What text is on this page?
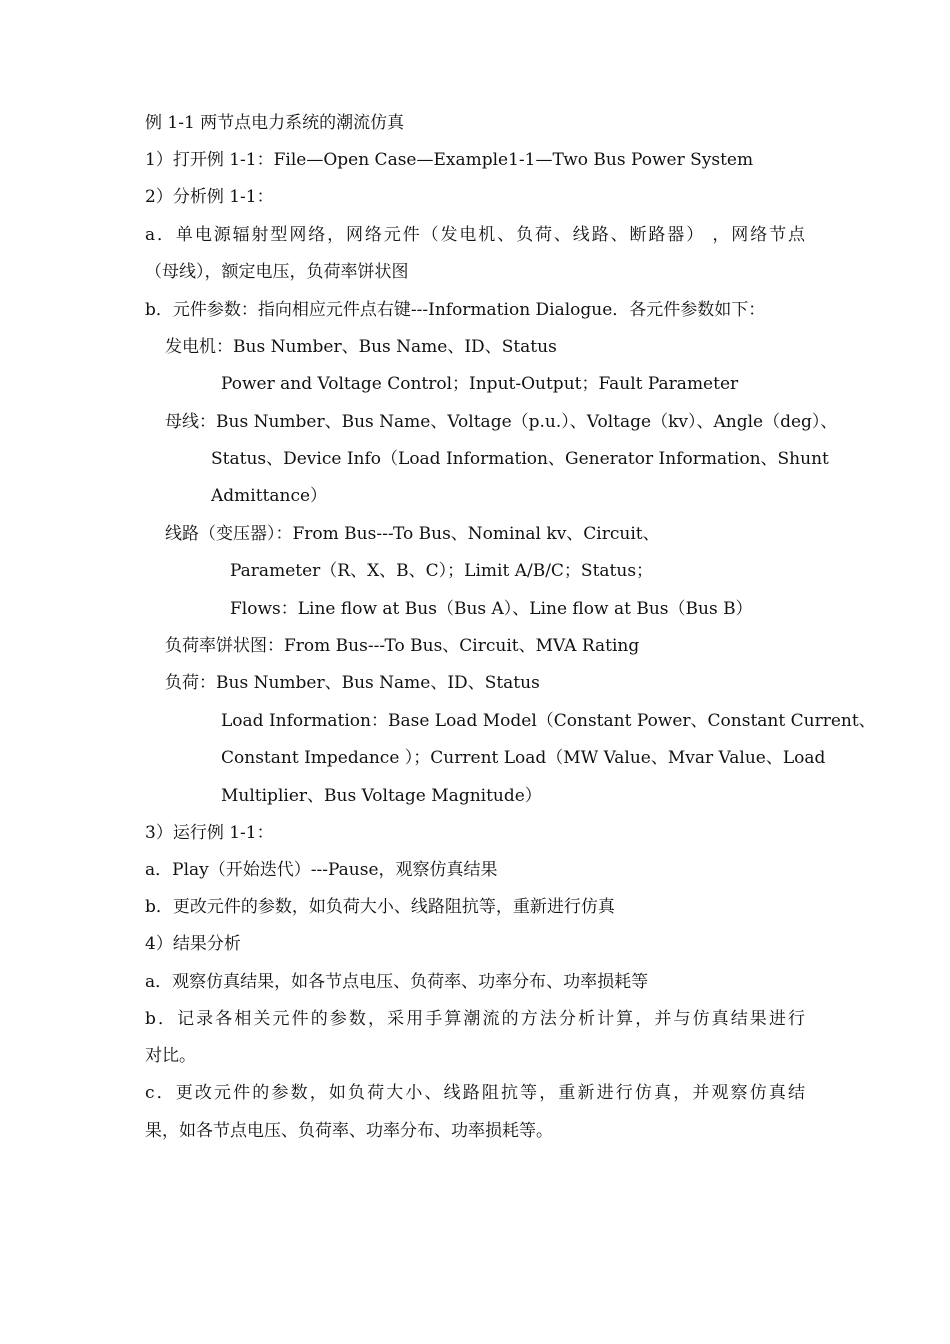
例 1-1 两节点电力系统的潮流仿真
1）打开例 1-1：File—Open Case—Example1-1—Two Bus Power System
2）分析例 1-1：
a．单电源辐射型网络，网络元件（发电机、负荷、线路、断路器） ，网络节点
（母线），额定电压，负荷率饼状图
b．元件参数：指向相应元件点右键---Information Dialogue．各元件参数如下：
发电机：Bus Number、Bus Name、ID、Status
Power and Voltage Control；Input-Output；Fault Parameter
母线：Bus Number、Bus Name、Voltage（p.u.）、Voltage（kv）、Angle（deg）、
Status、Device Info（Load Information、Generator Information、Shunt
Admittance）
线路（变压器）：From Bus---To Bus、Nominal kv、Circuit、
Parameter（R、X、B、C）；Limit A/B/C；Status；
Flows：Line flow at Bus（Bus A）、Line flow at Bus（Bus B）
负荷率饼状图：From Bus---To Bus、Circuit、MVA Rating
负荷：Bus Number、Bus Name、ID、Status
Load Information：Base Load Model（Constant Power、Constant Current、
Constant Impedance ）；Current Load（MW Value、Mvar Value、Load
Multiplier、Bus Voltage Magnitude）
3）运行例 1-1：
a．Play（开始迭代）---Pause，观察仿真结果
b．更改元件的参数，如负荷大小、线路阻抗等，重新进行仿真
4）结果分析
a．观察仿真结果，如各节点电压、负荷率、功率分布、功率损耗等
b．记录各相关元件的参数，采用手算潮流的方法分析计算，并与仿真结果进行
对比。
c．更改元件的参数，如负荷大小、线路阻抗等，重新进行仿真，并观察仿真结
果，如各节点电压、负荷率、功率分布、功率损耗等。
